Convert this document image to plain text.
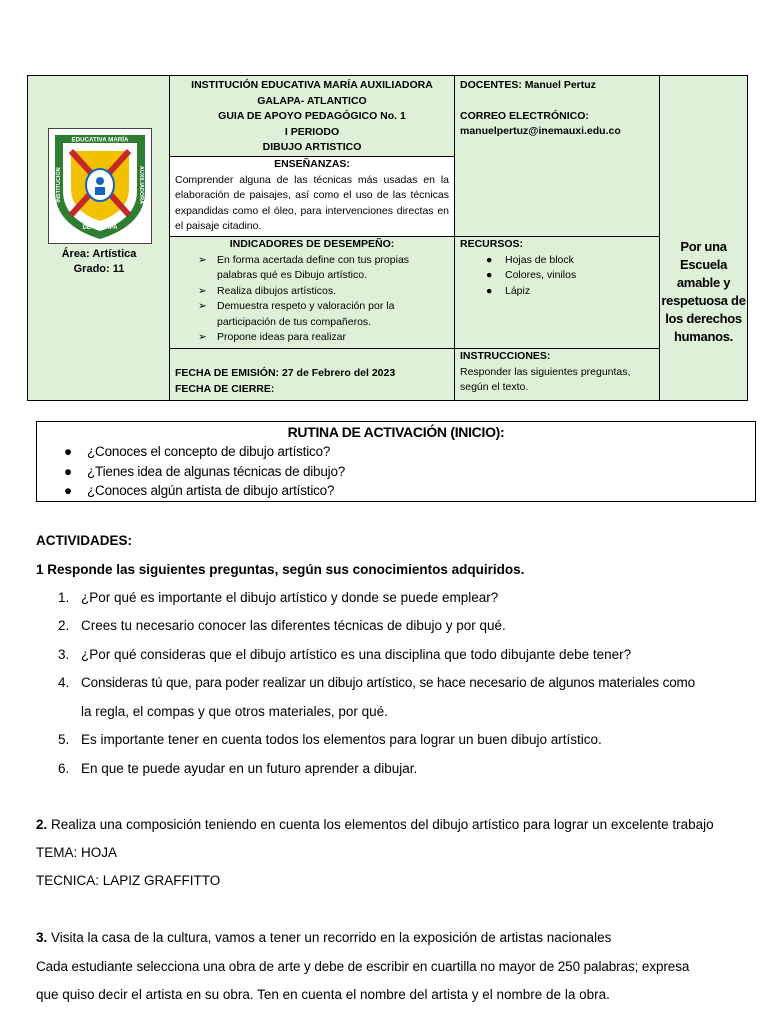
EDUCATIVA MARÍA
INSTITUCIÓN	AUXILIADORA
DE GALAPA
Área: Artística
Grado: 11
INSTITUCIÓN EDUCATIVA MARÍA AUXILIADORA
GALAPA- ATLANTICO
GUIA DE APOYO PEDAGÓGICO No. 1
I PERIODO
DIBUJO ARTISTICO
ENSEÑANZAS:
Comprender alguna de las técnicas más usadas en la elaboración de paisajes, así como el uso de las técnicas expandidas como el óleo, para intervenciones directas en el paisaje citadino.
DOCENTES: Manuel Pertuz
CORREO ELECTRÓNICO:
manuelpertuz@inemauxi.edu.co
INDICADORES DE DESEMPEÑO:
➢ En forma acertada define con tus propias palabras qué es Dibujo artístico.
➢ Realiza dibujos artísticos.
➢ Demuestra respeto y valoración por la participación de tus compañeros.
➢ Propone ideas para realizar
RECURSOS:
● Hojas de block
● Colores, vinilos
● Lápiz
FECHA DE EMISIÓN: 27 de Febrero del 2023
FECHA DE CIERRE:
INSTRUCCIONES:
Responder las siguientes preguntas, según el texto.
Por una Escuela amable y respetuosa de los derechos humanos.
RUTINA DE ACTIVACIÓN (INICIO):
● ¿Conoces el concepto de dibujo artístico?
● ¿Tienes idea de algunas técnicas de dibujo?
● ¿Conoces algún artista de dibujo artístico?
ACTIVIDADES:
1 Responde las siguientes preguntas, según sus conocimientos adquiridos.
1. ¿Por qué es importante el dibujo artístico y donde se puede emplear?
2. Crees tu necesario conocer las diferentes técnicas de dibujo y por qué.
3. ¿Por qué consideras que el dibujo artístico es una disciplina que todo dibujante debe tener?
4. Consideras tú que, para poder realizar un dibujo artístico, se hace necesario de algunos materiales como
la regla, el compas y que otros materiales, por qué.
5. Es importante tener en cuenta todos los elementos para lograr un buen dibujo artístico.
6. En que te puede ayudar en un futuro aprender a dibujar.
2. Realiza una composición teniendo en cuenta los elementos del dibujo artístico para lograr un excelente trabajo
TEMA: HOJA
TECNICA: LAPIZ GRAFFITTO
3. Visita la casa de la cultura, vamos a tener un recorrido en la exposición de artistas nacionales
Cada estudiante selecciona una obra de arte y debe de escribir en cuartilla no mayor de 250 palabras; expresa
que quiso decir el artista en su obra. Ten en cuenta el nombre del artista y el nombre de la obra.
